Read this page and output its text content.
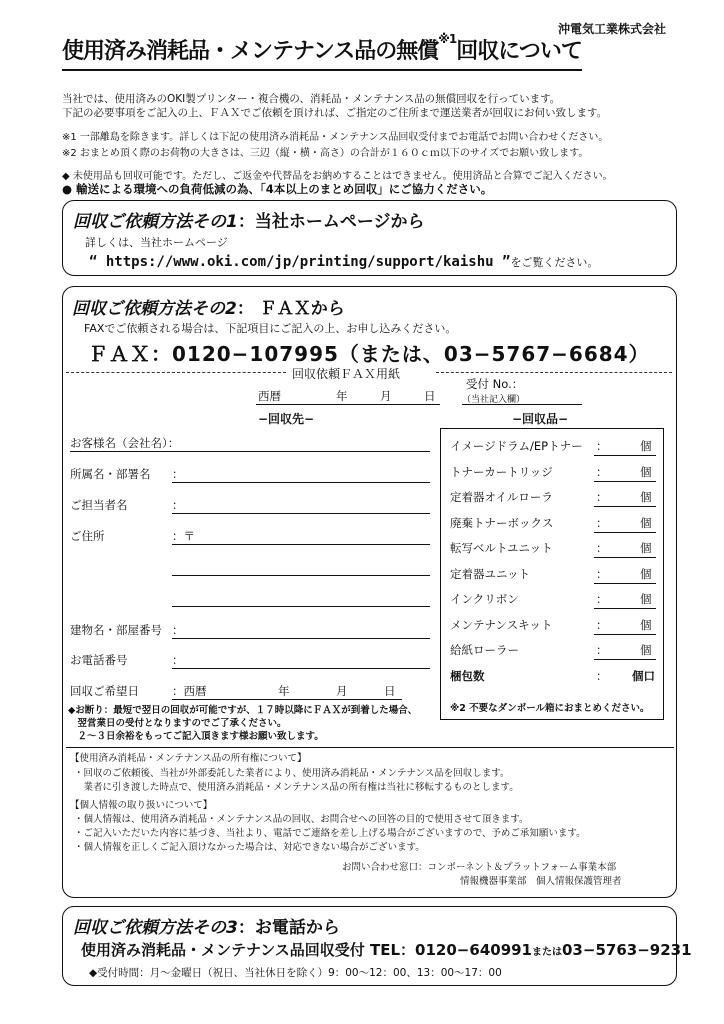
沖電気工業株式会社
使用済み消耗品・メンテナンス品の無償$^{※1}$回収について
当社では、使用済みのOKI製プリンター・複合機の、消耗品・メンテナンス品の無償回収を行っています。
下記の必要事項をご記入の上、ＦＡＸでご依頼を頂ければ、ご指定のご住所まで運送業者が回収にお伺い致します。
※1 一部離島を除きます。詳しくは下記の使用済み消耗品・メンテナンス品回収受付までお電話でお問い合わせください。
※2 おまとめ頂く際のお荷物の大きさは、三辺（縦・横・高さ）の合計が１６０ｃｍ以下のサイズでお願い致します。
◆ 未使用品も回収可能です。ただし、ご返金や代替品をお納めすることはできません。使用済品と合算でご記入ください。
● 輸送による環境への負荷低減の為、「4本以上のまとめ回収」にご協力ください。
回収ご依頼方法その1：当社ホームページから
詳しくは、当社ホームページ
“ https://www.oki.com/jp/printing/support/kaishu ”をご覧ください。
回収ご依頼方法その2： ＦＡＸから
FAXでご依頼される場合は、下記項目にご記入の上、お申し込みください。
ＦＡＸ：0120−107995（または、03−5767−6684）
回収依頼ＦＡＸ用紙
西暦	年	月	日
受付 No.：
（当社記入欄）
−回収先−	−回収品−
お客様名（会社名）：
所属名・部署名 ：
ご担当者名	：
ご住所	：〒
建物名・部屋番号 ：
お電話番号	：
回収ご希望日	：西暦	年	月	日
◆お断り：最短で翌日の回収が可能ですが、１７時以降にＦＡＸが到着した場合、
　翌営業日の受付となりますのでご了承ください。
　２～３日余裕をもってご記入頂きます様お願い致します。
イメージドラム/EPトナー ：	個
トナーカートリッジ	：	個
定着器オイルローラ	：	個
廃棄トナーボックス	：	個
転写ベルトユニット	：	個
定着器ユニット	：	個
インクリボン	：	個
メンテナンスキット	：	個
給紙ローラー	：	個
梱包数	： 個口
※2 不要なダンボール箱におまとめください。
【使用済み消耗品・メンテナンス品の所有権について】
・回収のご依頼後、当社が外部委託した業者により、使用済み消耗品・メンテナンス品を回収します。
　業者に引き渡した時点で、使用済み消耗品・メンテナンス品の所有権は当社に移転するものとします。
【個人情報の取り扱いについて】
・個人情報は、使用済み消耗品・メンテナンス品の回収、お問合せへの回答の目的で使用させて頂きます。
・ご記入いただいた内容に基づき、当社より、電話でご連絡を差し上げる場合がございますので、予めご承知願います。
・個人情報を正しくご記入頂けなかった場合は、対応できない場合がございます。
お問い合わせ窓口：コンポーネント＆プラットフォーム事業本部
情報機器事業部　個人情報保護管理者
回収ご依頼方法その3：お電話から
使用済み消耗品・メンテナンス品回収受付 TEL：0120−640991または03−5763−9231
◆受付時間：月～金曜日（祝日、当社休日を除く）9：00～12：00、13：00～17：00
